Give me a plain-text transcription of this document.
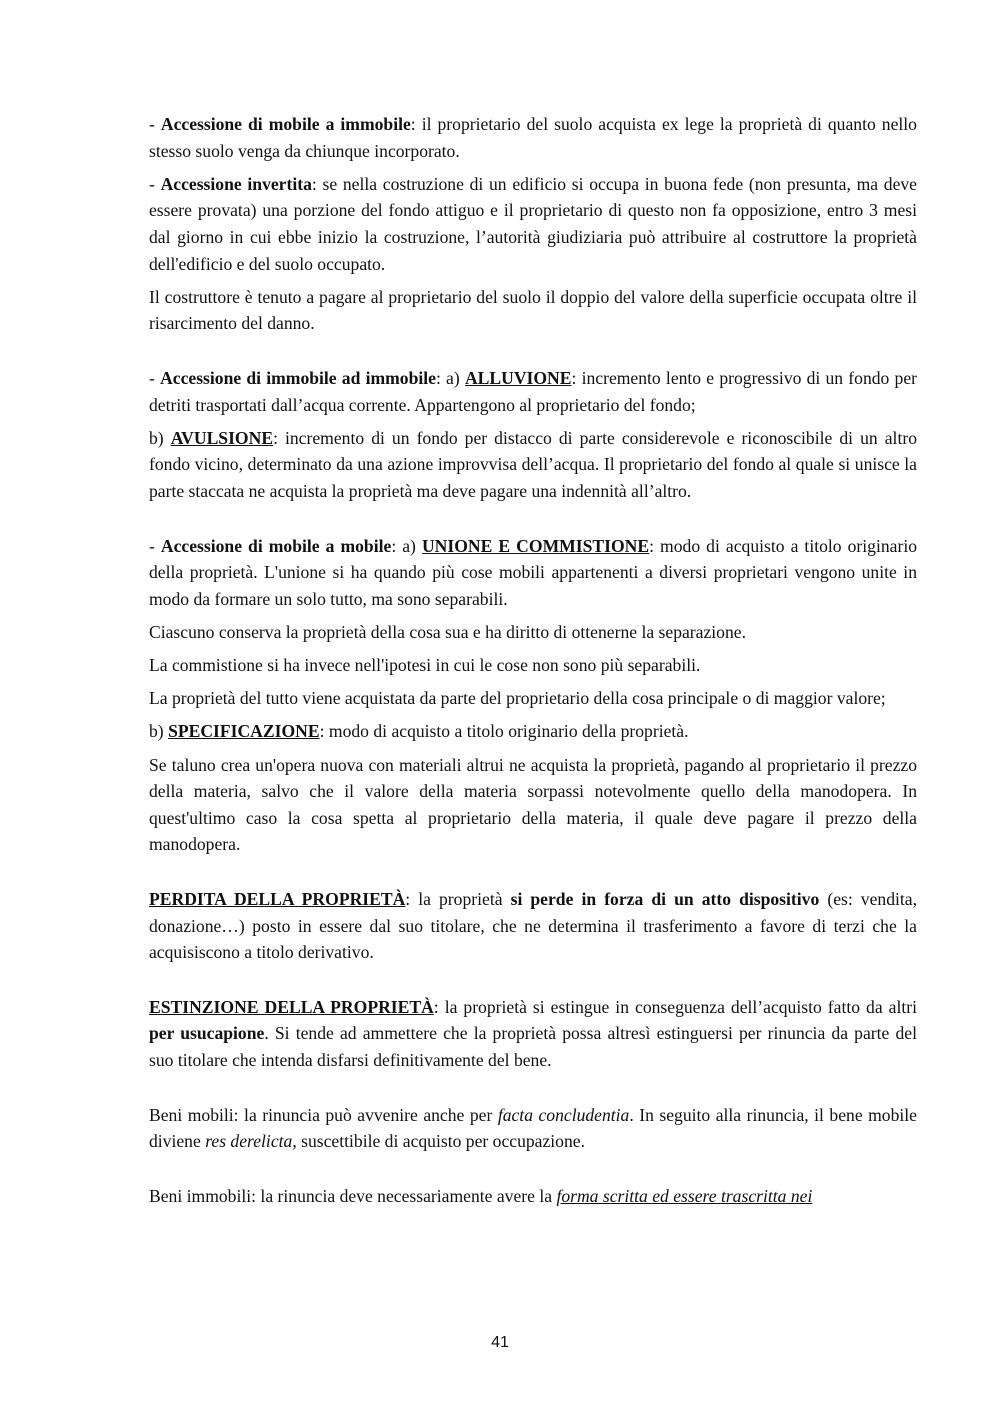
- Accessione di mobile a immobile: il proprietario del suolo acquista ex lege la proprietà di quanto nello stesso suolo venga da chiunque incorporato.

- Accessione invertita: se nella costruzione di un edificio si occupa in buona fede (non presunta, ma deve essere provata) una porzione del fondo attiguo e il proprietario di questo non fa opposizione, entro 3 mesi dal giorno in cui ebbe inizio la costruzione, l’autorità giudiziaria può attribuire al costruttore la proprietà dell'edificio e del suolo occupato.

Il costruttore è tenuto a pagare al proprietario del suolo il doppio del valore della superficie occupata oltre il risarcimento del danno.

- Accessione di immobile ad immobile: a) ALLUVIONE: incremento lento e progressivo di un fondo per detriti trasportati dall’acqua corrente. Appartengono al proprietario del fondo;

b) AVULSIONE: incremento di un fondo per distacco di parte considerevole e riconoscibile di un altro fondo vicino, determinato da una azione improvvisa dell’acqua. Il proprietario del fondo al quale si unisce la parte staccata ne acquista la proprietà ma deve pagare una indennità all’altro.

- Accessione di mobile a mobile: a) UNIONE E COMMISTIONE: modo di acquisto a titolo originario della proprietà. L'unione si ha quando più cose mobili appartenenti a diversi proprietari vengono unite in modo da formare un solo tutto, ma sono separabili.

Ciascuno conserva la proprietà della cosa sua e ha diritto di ottenerne la separazione.

La commistione si ha invece nell'ipotesi in cui le cose non sono più separabili.

La proprietà del tutto viene acquistata da parte del proprietario della cosa principale o di maggior valore;

b) SPECIFICAZIONE: modo di acquisto a titolo originario della proprietà.

Se taluno crea un'opera nuova con materiali altrui ne acquista la proprietà, pagando al proprietario il prezzo della materia, salvo che il valore della materia sorpassi notevolmente quello della manodopera. In quest'ultimo caso la cosa spetta al proprietario della materia, il quale deve pagare il prezzo della manodopera.

PERDITA DELLA PROPRIETÀ: la proprietà si perde in forza di un atto dispositivo (es: vendita, donazione…) posto in essere dal suo titolare, che ne determina il trasferimento a favore di terzi che la acquisiscono a titolo derivativo.

ESTINZIONE DELLA PROPRIETÀ: la proprietà si estingue in conseguenza dell’acquisto fatto da altri per usucapione. Si tende ad ammettere che la proprietà possa altresì estinguersi per rinuncia da parte del suo titolare che intenda disfarsi definitivamente del bene.

Beni mobili: la rinuncia può avvenire anche per facta concludentia. In seguito alla rinuncia, il bene mobile diviene res derelicta, suscettibile di acquisto per occupazione.

Beni immobili: la rinuncia deve necessariamente avere la forma scritta ed essere trascritta nei

41
